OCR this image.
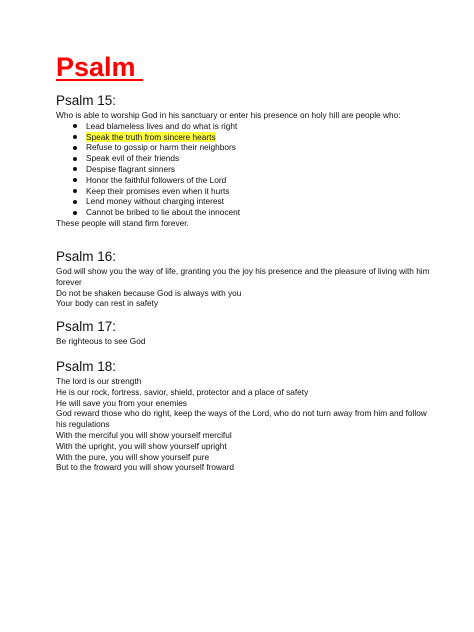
Psalm
Psalm 15:

Who is able to worship God in his sanctuary or enter his presence on holy hill are people who:

Lead blameless lives and do what is right
Speak the truth from sincere hearts
Refuse to gossip or harm their neighbors
Speak evil of their friends
Despise flagrant sinners
Honor the faithful followers of the Lord
Keep their promises even when it hurts
Lend money without charging interest
Cannot be bribed to lie about the innocent

These people will stand firm forever.

Psalm 16:

God will show you the way of life, granting you the joy his presence and the pleasure of living with him forever

Do not be shaken because God is always with you

Your body can rest in safety

Psalm 17:

Be righteous to see God

Psalm 18:

The lord is our strength

He is our rock, fortress, savior, shield, protector and a place of safety

He will save you from your enemies

God reward those who do right, keep the ways of the Lord, who do not turn away from him and follow his regulations

With the merciful you will show yourself merciful

With the upright, you will show yourself upright

With the pure, you will show yourself pure

But to the froward you will show yourself froward
